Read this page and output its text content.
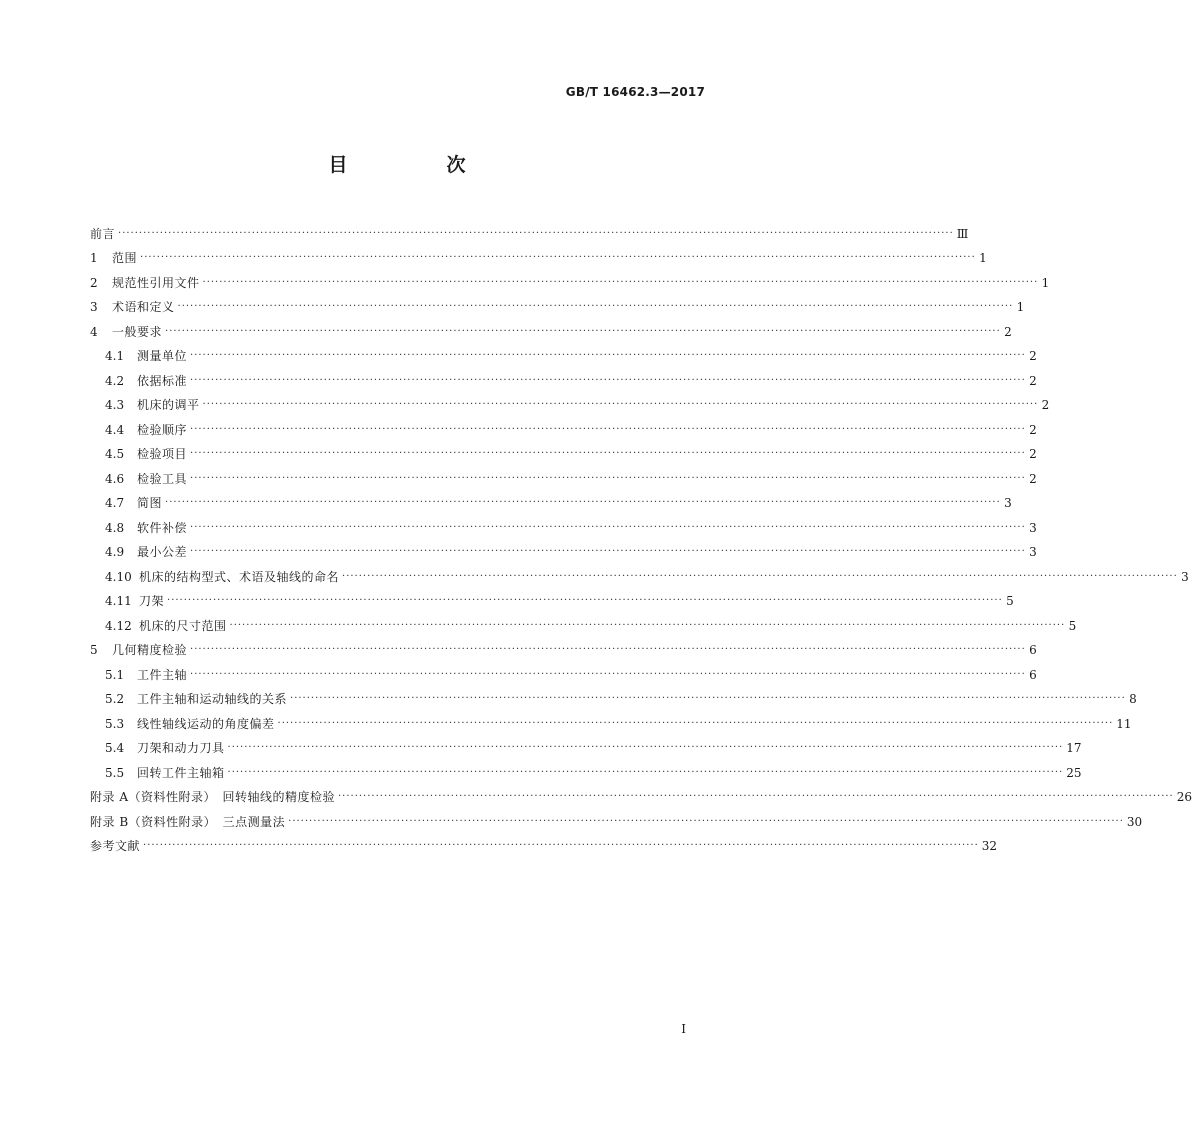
GB/T 16462.3—2017
目　次
前言 ········································································································································································································ Ⅲ
1	范围 ········································································································································································································ 1
2	规范性引用文件 ········································································································································································································ 1
3	术语和定义 ········································································································································································································ 1
4	一般要求 ········································································································································································································ 2
4.1	测量单位 ········································································································································································································ 2
4.2	依据标准 ········································································································································································································ 2
4.3	机床的调平 ········································································································································································································ 2
4.4	检验顺序 ········································································································································································································ 2
4.5	检验项目 ········································································································································································································ 2
4.6	检验工具 ········································································································································································································ 2
4.7	简图 ········································································································································································································ 3
4.8	软件补偿 ········································································································································································································ 3
4.9	最小公差 ········································································································································································································ 3
4.10 机床的结构型式、术语及轴线的命名 ········································································································································································································ 3
4.11 刀架 ········································································································································································································ 5
4.12 机床的尺寸范围 ········································································································································································································ 5
5	几何精度检验 ········································································································································································································ 6
5.1	工件主轴 ········································································································································································································ 6
5.2	工件主轴和运动轴线的关系 ········································································································································································································ 8
5.3	线性轴线运动的角度偏差 ········································································································································································································ 11
5.4	刀架和动力刀具 ········································································································································································································ 17
5.5	回转工件主轴箱 ········································································································································································································ 25
附录 A（资料性附录）　回转轴线的精度检验 ········································································································································································································ 26
附录 B（资料性附录）　三点测量法 ········································································································································································································ 30
参考文献 ········································································································································································································ 32
I
